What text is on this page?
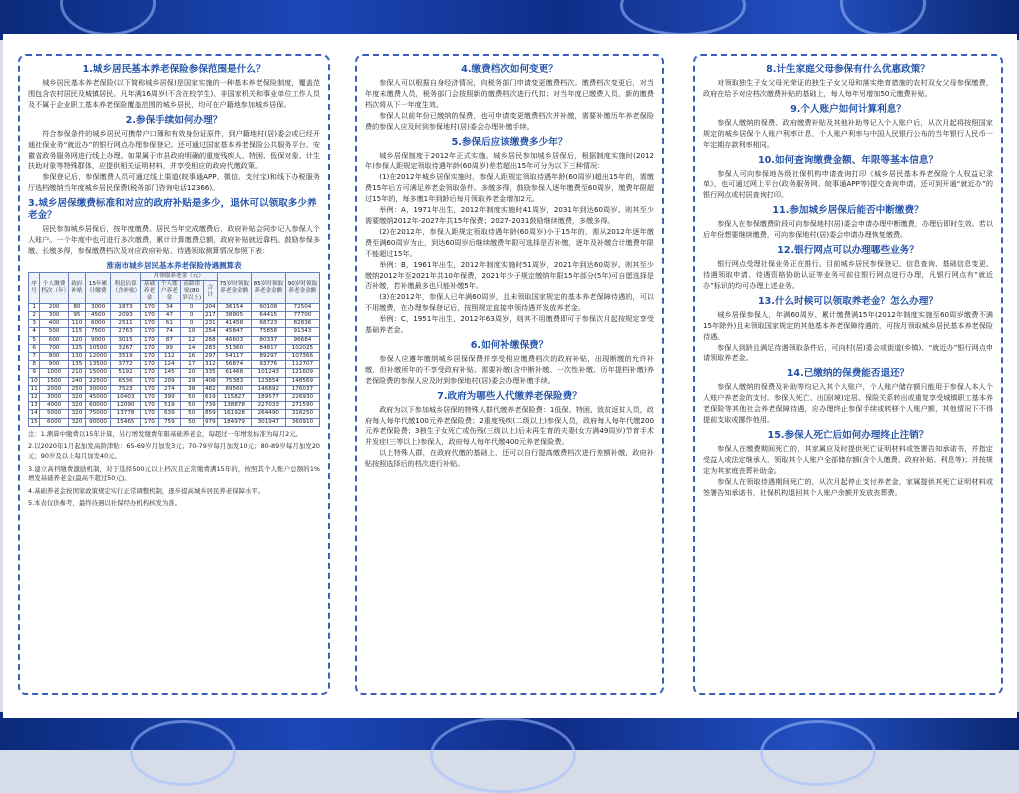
1.城乡居民基本养老保险参保范围是什么？

城乡居民基本养老保险(以下简称城乡居保)是国家实施的一种基本养老保险制度，覆盖范围包含农村居民及城镇居民。凡年满16周岁(不含在校学生)、非国家机关和事业单位工作人员及不属于企业职工基本养老保险覆盖范围的城乡居民，均可在户籍地参加城乡居保。

2.参保手续如何办理？

符合参保条件的城乡居民可携带户口簿和有效身份证原件，到户籍地村(居)委会或已经开通社保业务“就近办”的银行网点办理参保登记。还可通过国家基本养老保险公共服务平台、安徽省政务服务网进行线上办理。如果属于市县政府明确的重度残疾人、特困、低保对象、计生扶助对象等特殊群体，应提供相关证明材料，并享受相应的政府代缴政策。

参保登记后，参保缴费人员可通过线上渠道(皖事通APP、微信、支付宝)和线下办税服务厅选档缴纳当年度城乡居民保费(税务部门咨询电话12366)。

3.城乡居保缴费标准和对应的政府补贴是多少，退休可以领取多少养老金？

居民参加城乡居保后，按年度缴费。居民当年完成缴费后，政府补贴会同步记入参保人个人账户。一个年度中也可进行多次缴费，累计计算缴费总额，政府补贴就近靠档。鼓励参保多缴、长缴多得，参保缴费档次及对应政府补贴、待遇领取测算情况参照下表：

淮南市城乡居民基本养老保险待遇测算表
序号	个人缴费档次（年）	政府补贴	15年累计缴费	利息估算（含补贴）	月领取养老金（元）				75岁时领取养老金金额	85岁时领取养老金金额	90岁时领取养老金金额
					基础养老金	个人账户养老金	高龄津贴(80岁以上)	合计			
1	200	80	3000	1873	170	34	0	204	36154	60108	72504
2	300	95	4500	2093	170	47	0	217	38805	64415	77700
3	400	110	6000	2511	170	61	0	231	41458	68723	82836
4	500	115	7500	2763	170	74	10	254	45847	75858	91343
5	600	120	9000	3015	170	87	12	268	46603	80337	96684
6	700	125	10500	3267	170	99	14	283	51360	84817	102025
7	800	130	12000	3519	170	112	16	297	54117	89297	107366
8	900	135	13500	3772	170	124	17	312	56874	93776	112707
9	1000	210	15000	5192	170	145	20	335	61468	101243	121609
10	1500	240	22500	6536	170	209	29	408	75383	123854	148569
11	2000	250	30000	7523	170	274	38	482	89560	146892	176037
12	3000	320	45000	10403	170	399	50	619	115827	189577	226930
13	4000	320	60000	12090	170	519	50	739	138878	227033	271590
14	5000	320	75000	13778	170	639	50	859	161928	264490	316250
15	6000	320	90000	15465	170	759	50	979	184979	301947	360910

注：1.测算中缴费以15年计算，另行增发缴费年限基础养老金，每超过一年增发标准为每月2元。

2.以2020年1月起加发高龄津贴：65-69岁月加发3元；70-79岁每月加发10元；80-89岁每月加发20元；90岁及以上每月加发40元。

3.建立高档缴费激励机制，对于选择500元以上档次且正常缴费满15年的，按照其个人账户总额的1%增发基础养老金(最高不超过50元)。

4.基础养老金按国家政策规定实行正常调整机制，逐步提高城乡居民养老保障水平。

5.本表仅供参考，最终待遇以社保经办机构核发为准。

4.缴费档次如何变更？

参保人可以根据自身经济情况，向税务部门申请变更缴费档次。缴费档次变更后，对当年度未缴费人员，税务部门会按照新的缴费档次进行代扣；对当年度已缴费人员，新的缴费档次将从下一年度生效。

参保人以前年份已缴纳的保费，也可申请变更缴费档次并补缴，需要补缴历年养老保险费的参保人应及时到参保地村(居)委会办理补缴手续。

5.参保后应该缴费多少年？

城乡居保制度于2012年正式实施。城乡居民参加城乡居保后，根据制度实施时(2012年)参保人距规定领取待遇年龄(60周岁)差若超出15年可分为以下三种情况：

(1)在2012年城乡居保实施时，参保人距规定领取待遇年龄(60周岁)超出15年的，需缴费15年后方可满足养老金领取条件。多缴多得，鼓励参保人逐年缴费至60周岁，缴费年限超过15年的，每多缴1年到龄后每月领取养老金增加2元。

举例：A，1971年出生，2012年制度实施时41周岁，2031年到达60周岁。则其至少需要缴纳2012年-2027年共15年保费；2027-2031鼓励继续缴费，多缴多得。

(2)在2012年，参保人距规定领取待遇年龄(60周岁)小于15年的，需从2012年逐年缴费至满60周岁为止，到达60周岁后继续缴费年限可选择是否补缴，逐年及补缴合计缴费年限不能超过15年。

举例：B，1961年出生，2012年制度实施时51周岁，2021年到达60周岁。则其至少缴纳2012年至2021年共10年保费，2021年少于规定缴纳年限15年部分(5年)可自愿选择是否补缴，若补缴最多也只能补缴5年。

(3)在2012年，参保人已年满60周岁，且未领取国家规定的基本养老保障待遇的，可以不用缴费，在办理参保登记后，按照规定直接申领待遇并发放养老金。

举例：C，1951年出生，2012年63周岁，则其不用缴费即可于参保次月起按规定享受基础养老金。

6.如何补缴保费？

参保人应遵年缴纳城乡居保保费并享受相应缴费档次的政府补贴，出现断缴的允许补缴，但补缴所年的不享受政府补贴。需要补缴(含中断补缴、一次性补缴、历年提档补缴)养老保险费的参保人应及时到参保地村(居)委会办理补缴手续。

7.政府为哪些人代缴养老保险费？

政府为以下参加城乡居保的特殊人群代缴养老保险费：1低保、特困、致贫返贫人员，政府每人每年代缴100元养老保险费；2重度残疾(二级以上)参保人员，政府每人每年代缴200元养老保险费；3独生子女死亡或伤残(三级以上)后未再生育的夫妻(女方满49周岁)节育手术并发症(三等以上)参保人，政府每人每年代缴400元养老保险费。

以上特殊人群，在政府代缴的基础上，还可以自行提高缴费档次进行差额补缴，政府补贴按照选择后的档次进行补贴。

8.计生家庭父母参保有什么优惠政策？

对领取独生子女父母光荣证的独生子女父母和落实绝育措施的农村双女父母参保缴费，政府在给予对应档次缴费补贴的基础上，每人每年另增加50元缴费补贴。

9.个人账户如何计算利息？

参保人缴纳的保费、政府缴费补贴及其他补助等记入个人账户后，从次月起将按照国家规定的城乡居保个人账户利率计息，个人账户利率与中国人民银行公布的当年银行人民币一年定期存款利率相同。

10.如何查询缴费金额、年限等基本信息？

参保人可向参保地各级社保机构申请查询打印《城乡居民基本养老保险个人权益记录单》，也可通过网上平台(政务服务网、皖事通APP等)提交查询申请，还可到开通“就近办”的银行网点或村居查询打印。

11.参加城乡居保后能否中断缴费？

参保人在参保缴费阶段可向参保地村(居)委会申请办理中断缴费，办理后即时生效。若以后年份想要继续缴费，可向参保地村(居)委会申请办理恢复缴费。

12.银行网点可以办理哪些业务？

银行网点受理社保业务正在推行。目前城乡居民参保登记、信息查询、基础信息变更、待遇领取申请、待遇资格协助认证等业务可前往银行网点进行办理，凡银行网点有“就近办”标识的均可办理上述业务。

13.什么时候可以领取养老金？怎么办理？

城乡居保参保人，年满60周岁、累计缴费满15年(2012年制度实施至60周岁缴费不满15年除外)且未领取国家规定的其他基本养老保障待遇的，可按月领取城乡居民基本养老保险待遇。

参保人到龄且满足待遇领取条件后，可向村(居)委会或街道(乡镇)、“就近办”银行网点申请领取养老金。

14.已缴纳的保费能否退还？

参保人缴纳的保费及补助等均记入其个人账户，个人账户储存额只能用于参保人本人个人账户养老金的支付。参保人死亡、出国(境)定居、保险关系转出或重复享受城镇职工基本养老保险等其他社会养老保障待遇，应办理终止参保手续或转移个人账户额，其他情况下不得提前支取或挪作他用。

15.参保人死亡后如何办理终止注销？

参保人在缴费期间死亡的，其家属应及时提供死亡证明材料或签署告知承诺书，并指定受益人或法定继承人，领取其个人账户全部储存额(含个人缴费、政府补贴、利息等)；并按规定为其家庭丧葬补助金。

参保人在领取待遇期间死亡的，从次月起停止支付养老金，家属提供其死亡证明材料或签署告知承诺书，社保机构退回其个人账户余额并发放丧葬费。
